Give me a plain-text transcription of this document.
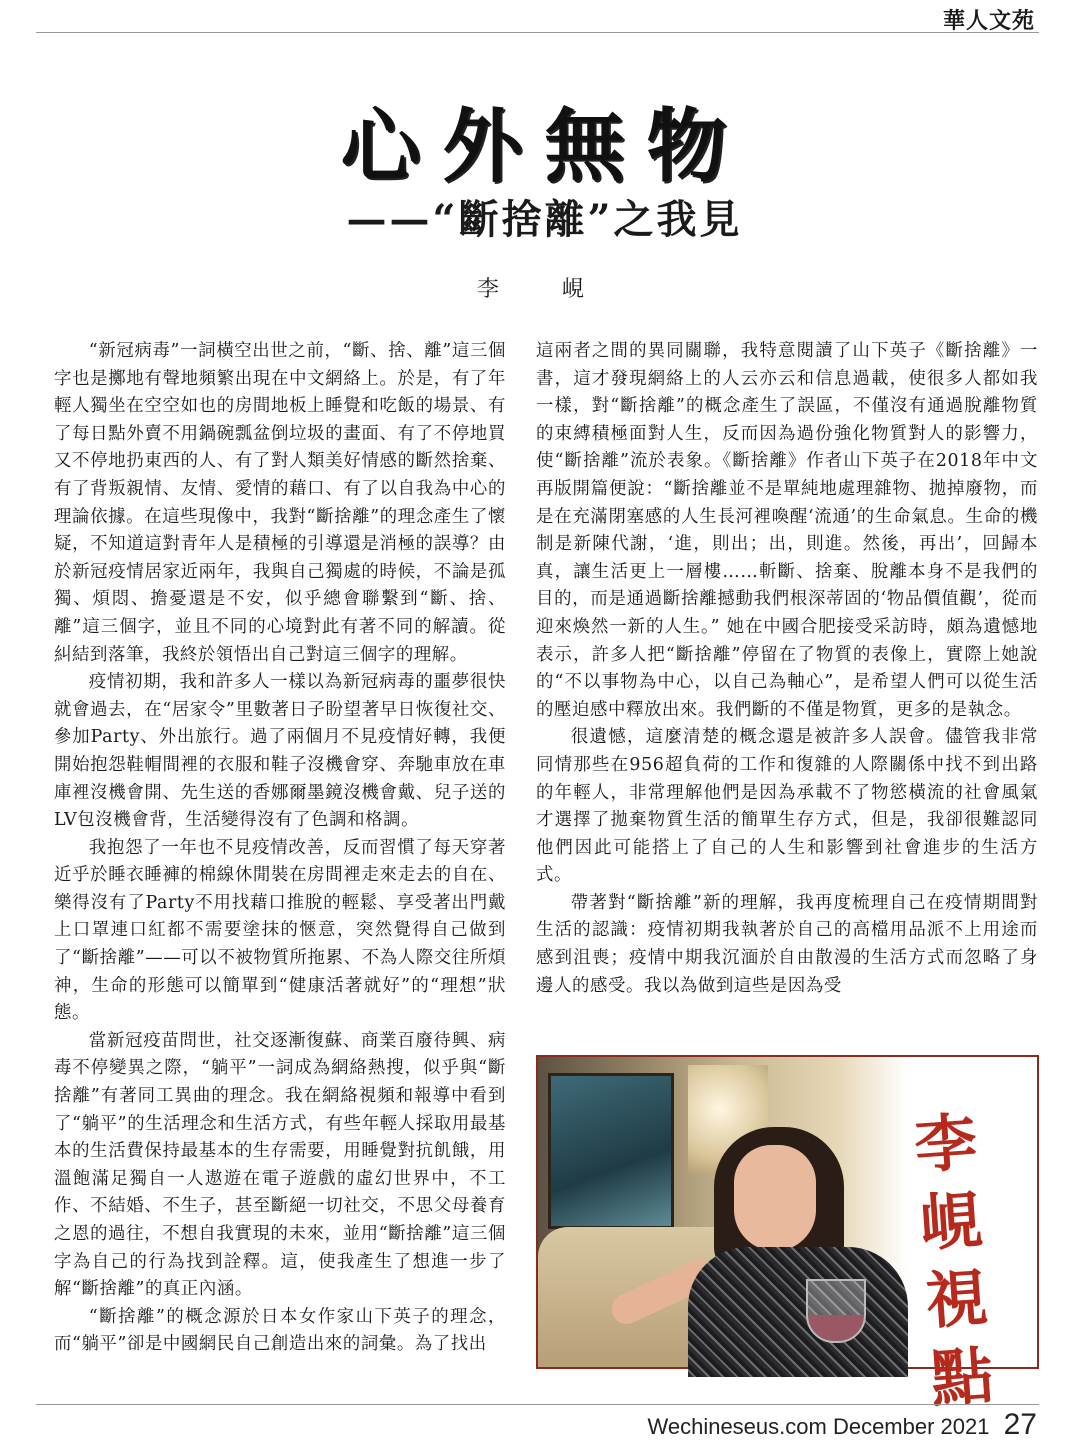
華人文苑
心外無物
——“斷捨離”之我見
李 峴

“新冠病毒”一詞橫空出世之前，“斷、捨、離”這三個字也是擲地有聲地頻繁出現在中文網絡上。於是，有了年輕人獨坐在空空如也的房間地板上睡覺和吃飯的場景、有了每日點外賣不用鍋碗瓢盆倒垃圾的畫面、有了不停地買又不停地扔東西的人、有了對人類美好情感的斷然捨棄、有了背叛親情、友情、愛情的藉口、有了以自我為中心的理論依據。在這些現像中，我對“斷捨離”的理念產生了懷疑，不知道這對青年人是積極的引導還是消極的誤導？由於新冠疫情居家近兩年，我與自己獨處的時候，不論是孤獨、煩悶、擔憂還是不安，似乎總會聯繫到“斷、捨、離”這三個字，並且不同的心境對此有著不同的解讀。從糾結到落筆，我終於領悟出自己對這三個字的理解。

疫情初期，我和許多人一樣以為新冠病毒的噩夢很快就會過去，在“居家令”里數著日子盼望著早日恢復社交、參加Party、外出旅行。過了兩個月不見疫情好轉，我便開始抱怨鞋帽間裡的衣服和鞋子沒機會穿、奔馳車放在車庫裡沒機會開、先生送的香娜爾墨鏡沒機會戴、兒子送的LV包沒機會背，生活變得沒有了色調和格調。

我抱怨了一年也不見疫情改善，反而習慣了每天穿著近乎於睡衣睡褲的棉線休閒裝在房間裡走來走去的自在、樂得沒有了Party不用找藉口推脫的輕鬆、享受著出門戴上口罩連口紅都不需要塗抹的愜意，突然覺得自己做到了“斷捨離”——可以不被物質所拖累、不為人際交往所煩神，生命的形態可以簡單到“健康活著就好”的“理想”狀態。

當新冠疫苗問世，社交逐漸復蘇、商業百廢待興、病毒不停變異之際，“躺平”一詞成為網絡熱搜，似乎與“斷捨離”有著同工異曲的理念。我在網絡視頻和報導中看到了“躺平”的生活理念和生活方式，有些年輕人採取用最基本的生活費保持最基本的生存需要，用睡覺對抗飢餓，用溫飽滿足獨自一人遨遊在電子遊戲的虛幻世界中，不工作、不結婚、不生子，甚至斷絕一切社交，不思父母養育之恩的過往，不想自我實現的未來，並用“斷捨離”這三個字為自己的行為找到詮釋。這，使我產生了想進一步了解“斷捨離”的真正內涵。

“斷捨離”的概念源於日本女作家山下英子的理念，而“躺平”卻是中國網民自己創造出來的詞彙。為了找出

這兩者之間的異同關聯，我特意閱讀了山下英子《斷捨離》一書，這才發現網絡上的人云亦云和信息過載，使很多人都如我一樣，對“斷捨離”的概念產生了誤區，不僅沒有通過脫離物質的束縛積極面對人生，反而因為過份強化物質對人的影響力，使“斷捨離”流於表象。《斷捨離》作者山下英子在2018年中文再版開篇便說：“斷捨離並不是單純地處理雜物、拋掉廢物，而是在充滿閉塞感的人生長河裡喚醒‘流通’的生命氣息。生命的機制是新陳代謝，‘進，則出；出，則進。然後，再出’，回歸本真，讓生活更上一層樓……斬斷、捨棄、脫離本身不是我們的目的，而是通過斷捨離撼動我們根深蒂固的‘物品價值觀’，從而迎來煥然一新的人生。” 她在中國合肥接受采訪時，頗為遺憾地表示，許多人把“斷捨離”停留在了物質的表像上，實際上她說的“不以事物為中心，以自己為軸心”，是希望人們可以從生活的壓迫感中釋放出來。我們斷的不僅是物質，更多的是執念。

很遺憾，這麼清楚的概念還是被許多人誤會。儘管我非常同情那些在956超負荷的工作和復雜的人際關係中找不到出路的年輕人，非常理解他們是因為承載不了物慾橫流的社會風氣才選擇了拋棄物質生活的簡單生存方式，但是，我卻很難認同他們因此可能搭上了自己的人生和影響到社會進步的生活方式。

帶著對“斷捨離”新的理解，我再度梳理自己在疫情期間對生活的認識：疫情初期我執著於自己的高檔用品派不上用途而感到沮喪；疫情中期我沉湎於自由散漫的生活方式而忽略了身邊人的感受。我以為做到這些是因為受

李峴視點
Wechineseus.com December 2021 27
